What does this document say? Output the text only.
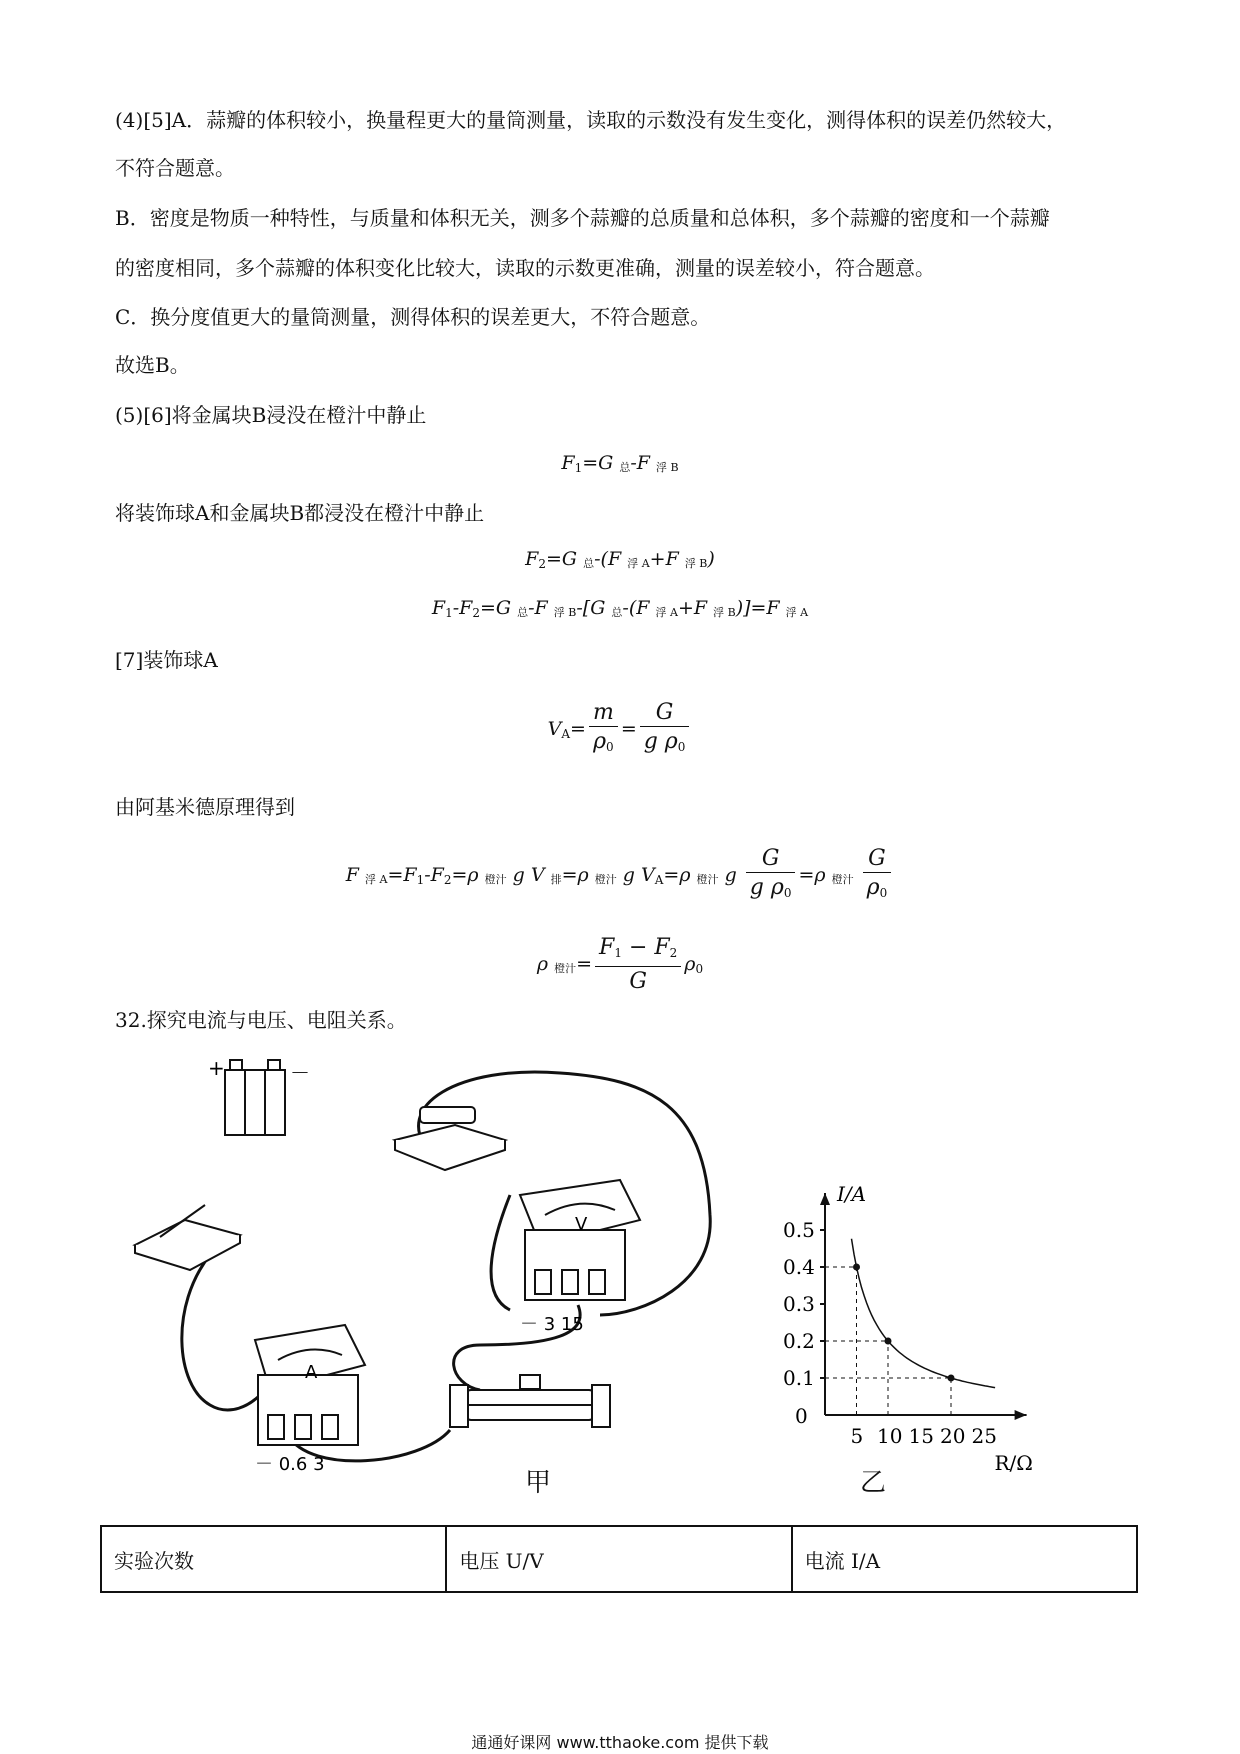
(4)[5]A．蒜瓣的体积较小，换量程更大的量筒测量，读取的示数没有发生变化，测得体积的误差仍然较大，
不符合题意。
B．密度是物质一种特性，与质量和体积无关，测多个蒜瓣的总质量和总体积，多个蒜瓣的密度和一个蒜瓣
的密度相同，多个蒜瓣的体积变化比较大，读取的示数更准确，测量的误差较小，符合题意。
C．换分度值更大的量筒测量，测得体积的误差更大，不符合题意。
故选B。
(5)[6]将金属块B浸没在橙汁中静止
$F_1=G$ 总-F 浮 B
将装饰球A和金属块B都浸没在橙汁中静止
$F_2=G$ 总-(F 浮 A+F 浮 B)
$F_1-F_2=G$ 总-F 浮 B-[G 总-(F 浮 A+F 浮 B)]=F 浮 A
[7]装饰球A
$V_A= \frac{m}{\rho_0} = \frac{G}{g \rho_0}$
由阿基米德原理得到
F 浮 $A=F_1-F_2=\rho$ 橙汁 g V 排=ρ 橙汁 g $V_A=\rho$ 橙汁 g $\frac{G}{g \rho_0} =\rho$ 橙汁 $\frac{G}{\rho_0}$
ρ 橙汁= $\frac{F_1 - F_2}{G} \rho_0$
32.探究电流与电压、电阻关系。
+	－
V
－ 3 15
A
－ 0.6 3
甲
0.5
0.4
0.3
0.2
0.1
5 10 15 20 25
0
I/A
R/Ω
乙
实验次数	电压 U/V	电流 I/A
通通好课网 www.tthaoke.com 提供下载
